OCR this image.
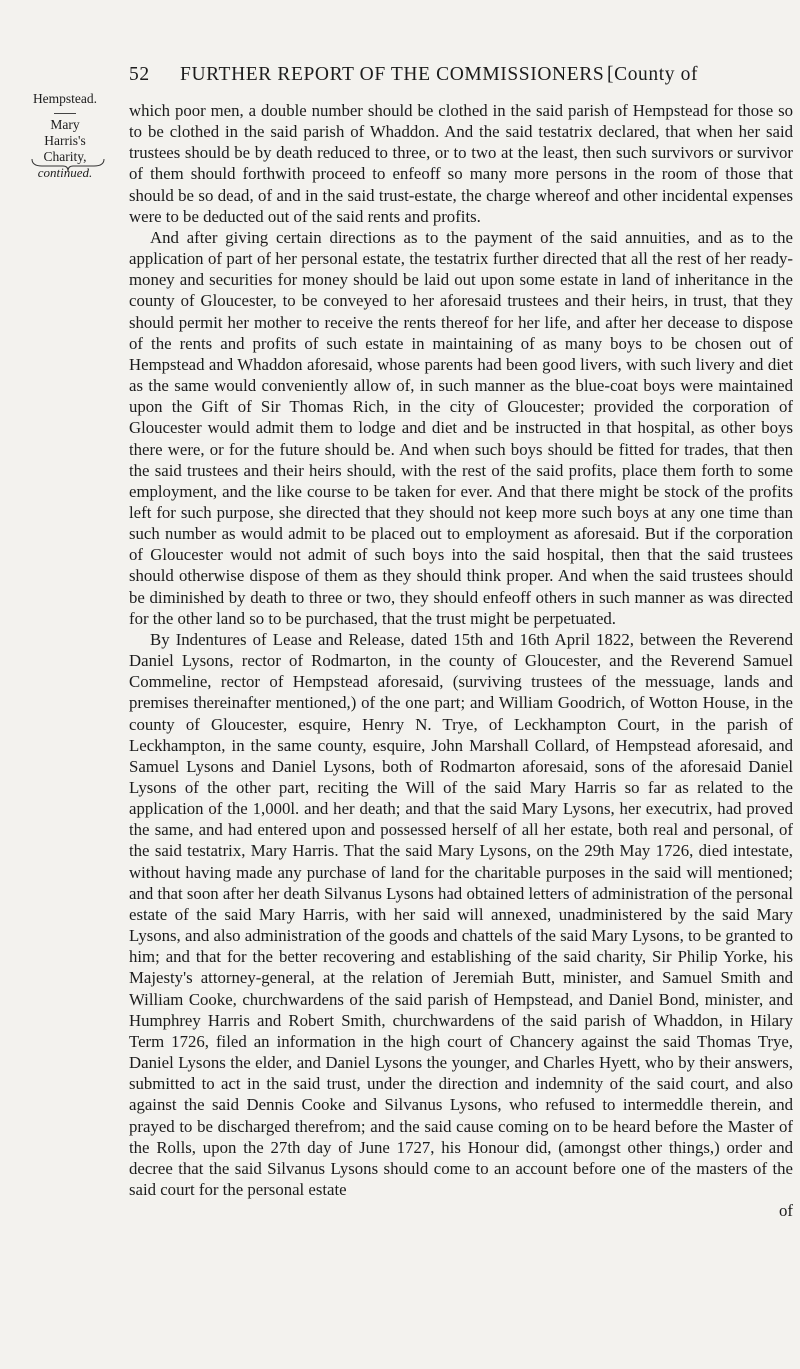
52 FURTHER REPORT OF THE COMMISSIONERS [County of
Hempstead.
Mary Harris's Charity,
continued.

which poor men, a double number should be clothed in the said parish of Hempstead for those so to be clothed in the said parish of Whaddon. And the said testatrix declared, that when her said trustees should be by death reduced to three, or to two at the least, then such survivors or survivor of them should forthwith proceed to enfeoff so many more persons in the room of those that should be so dead, of and in the said trust-estate, the charge whereof and other incidental expenses were to be deducted out of the said rents and profits.

And after giving certain directions as to the payment of the said annuities, and as to the application of part of her personal estate, the testatrix further directed that all the rest of her ready-money and securities for money should be laid out upon some estate in land of inheritance in the county of Gloucester, to be conveyed to her aforesaid trustees and their heirs, in trust, that they should permit her mother to receive the rents thereof for her life, and after her decease to dispose of the rents and profits of such estate in maintaining of as many boys to be chosen out of Hempstead and Whaddon aforesaid, whose parents had been good livers, with such livery and diet as the same would conveniently allow of, in such manner as the blue-coat boys were maintained upon the Gift of Sir Thomas Rich, in the city of Gloucester; provided the corporation of Gloucester would admit them to lodge and diet and be instructed in that hospital, as other boys there were, or for the future should be. And when such boys should be fitted for trades, that then the said trustees and their heirs should, with the rest of the said profits, place them forth to some employment, and the like course to be taken for ever. And that there might be stock of the profits left for such purpose, she directed that they should not keep more such boys at any one time than such number as would admit to be placed out to employment as aforesaid. But if the corporation of Gloucester would not admit of such boys into the said hospital, then that the said trustees should otherwise dispose of them as they should think proper. And when the said trustees should be diminished by death to three or two, they should enfeoff others in such manner as was directed for the other land so to be purchased, that the trust might be perpetuated.

By Indentures of Lease and Release, dated 15th and 16th April 1822, between the Reverend Daniel Lysons, rector of Rodmarton, in the county of Gloucester, and the Reverend Samuel Commeline, rector of Hempstead aforesaid, (surviving trustees of the messuage, lands and premises thereinafter mentioned,) of the one part; and William Goodrich, of Wotton House, in the county of Gloucester, esquire, Henry N. Trye, of Leckhampton Court, in the parish of Leckhampton, in the same county, esquire, John Marshall Collard, of Hempstead aforesaid, and Samuel Lysons and Daniel Lysons, both of Rodmarton aforesaid, sons of the aforesaid Daniel Lysons of the other part, reciting the Will of the said Mary Harris so far as related to the application of the 1,000l. and her death; and that the said Mary Lysons, her executrix, had proved the same, and had entered upon and possessed herself of all her estate, both real and personal, of the said testatrix, Mary Harris. That the said Mary Lysons, on the 29th May 1726, died intestate, without having made any purchase of land for the charitable purposes in the said will mentioned; and that soon after her death Silvanus Lysons had obtained letters of administration of the personal estate of the said Mary Harris, with her said will annexed, unadministered by the said Mary Lysons, and also administration of the goods and chattels of the said Mary Lysons, to be granted to him; and that for the better recovering and establishing of the said charity, Sir Philip Yorke, his Majesty's attorney-general, at the relation of Jeremiah Butt, minister, and Samuel Smith and William Cooke, churchwardens of the said parish of Hempstead, and Daniel Bond, minister, and Humphrey Harris and Robert Smith, churchwardens of the said parish of Whaddon, in Hilary Term 1726, filed an information in the high court of Chancery against the said Thomas Trye, Daniel Lysons the elder, and Daniel Lysons the younger, and Charles Hyett, who by their answers, submitted to act in the said trust, under the direction and indemnity of the said court, and also against the said Dennis Cooke and Silvanus Lysons, who refused to intermeddle therein, and prayed to be discharged therefrom; and the said cause coming on to be heard before the Master of the Rolls, upon the 27th day of June 1727, his Honour did, (amongst other things,) order and decree that the said Silvanus Lysons should come to an account before one of the masters of the said court for the personal estate

of
